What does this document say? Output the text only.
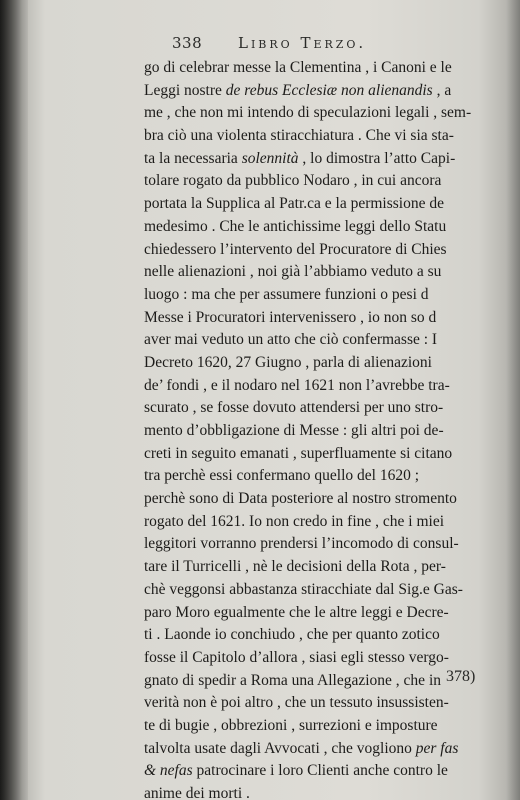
338 Libro Terzo.
go di celebrar messe la Clementina , i Canoni e le
Leggi nostre de rebus Ecclesiæ non alienandis , a
me , che non mi intendo di speculazioni legali , sem-
bra ciò una violenta stiracchiatura . Che vi sia sta-
ta la necessaria solennità , lo dimostra l’atto Capi-
tolare rogato da pubblico Nodaro , in cui ancora
portata la Supplica al Patr.ca e la permissione de
medesimo . Che le antichissime leggi dello Statu
chiedessero l’intervento del Procuratore di Chies
nelle alienazioni , noi già l’abbiamo veduto a su
luogo : ma che per assumere funzioni o pesi d
Messe i Procuratori intervenissero , io non so d
aver mai veduto un atto che ciò confermasse : I
Decreto 1620, 27 Giugno , parla di alienazioni
de’ fondi , e il nodaro nel 1621 non l’avrebbe tra-
scurato , se fosse dovuto attendersi per uno stro-
mento d’obbligazione di Messe : gli altri poi de-
creti in seguito emanati , superfluamente si citano
tra perchè essi confermano quello del 1620 ;
perchè sono di Data posteriore al nostro stromento
rogato del 1621. Io non credo in fine , che i miei
leggitori vorranno prendersi l’incomodo di consul-
tare il Turricelli , nè le decisioni della Rota , per-
chè veggonsi abbastanza stiracchiate dal Sig.e Gas-
paro Moro egualmente che le altre leggi e Decre-
ti . Laonde io conchiudo , che per quanto zotico
fosse il Capitolo d’allora , siasi egli stesso vergo-
gnato di spedir a Roma una Allegazione , che in
verità non è poi altro , che un tessuto insussisten-
te di bugie , obbrezioni , surrezioni e imposture
talvolta usate dagli Avvocati , che vogliono per fas
& nefas patrocinare i loro Clienti anche contro le
anime dei morti .
378)
